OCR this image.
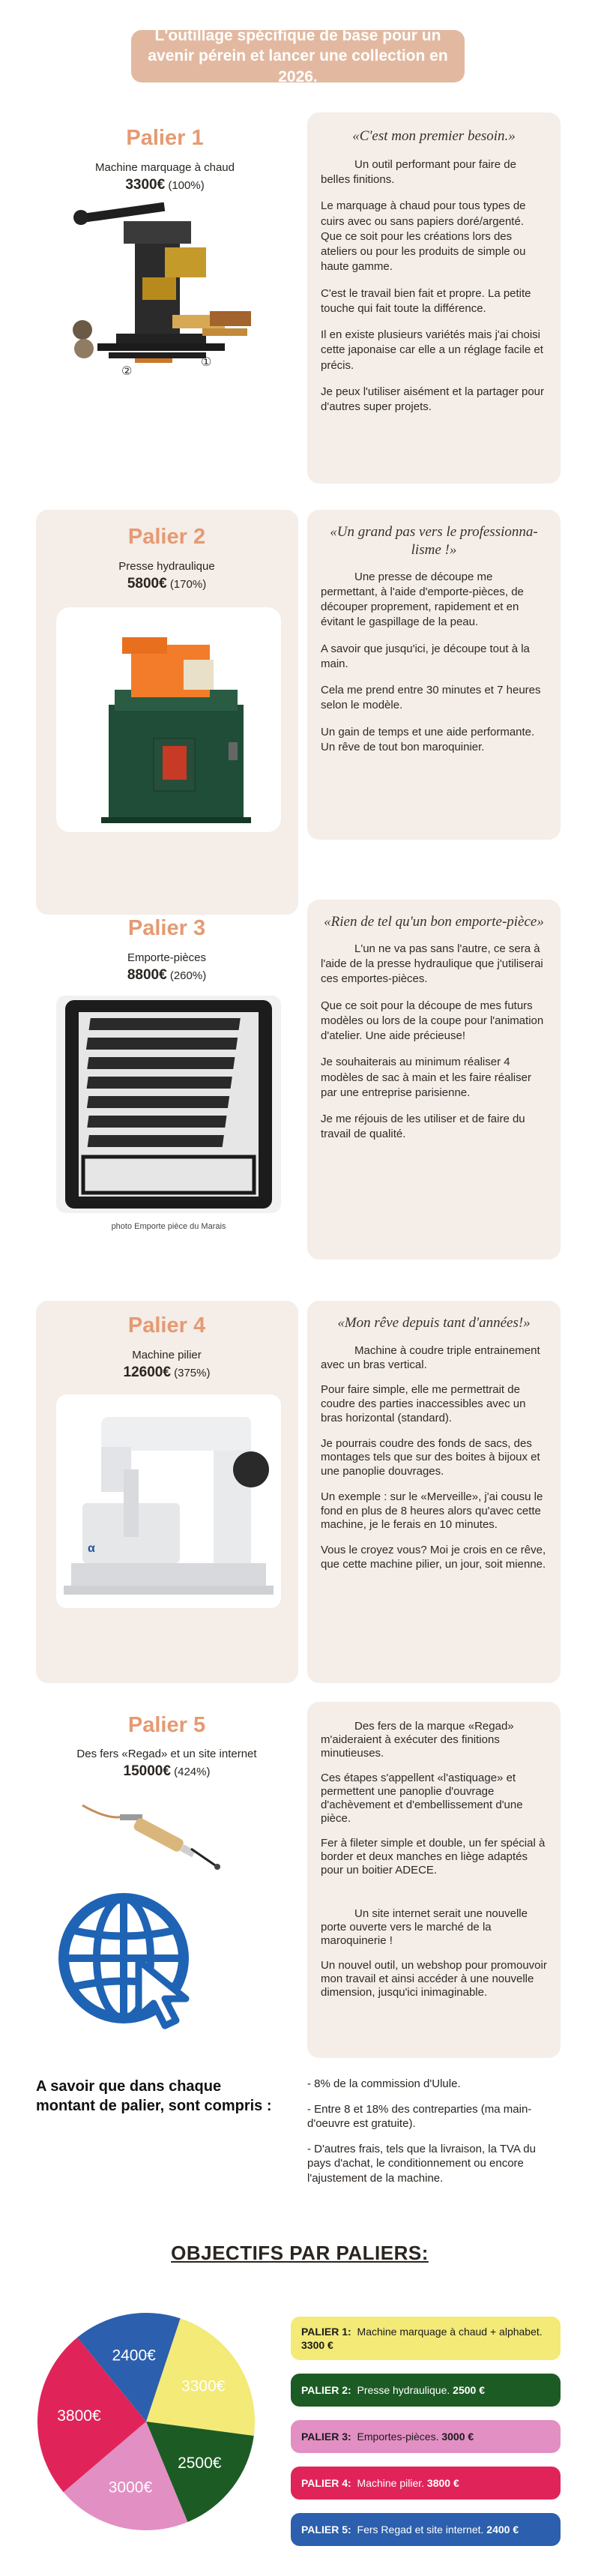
L'outillage spécifique de base pour un avenir pérein et lancer une collection en 2026.
Palier 1
Machine marquage à chaud
3300€ (100%)
②
①
«C'est mon premier besoin.»

Un outil performant pour faire de belles finitions.

Le marquage à chaud pour tous types de cuirs avec ou sans papiers doré/argenté. Que ce soit pour les créations lors des ateliers ou pour les produits de simple ou haute gamme.

C'est le travail bien fait et propre. La petite touche qui fait toute la différence.

Il en existe plusieurs variétés mais j'ai choisi cette japonaise car elle a un réglage facile et précis.

Je peux l'utiliser aisément et la partager pour d'autres super projets.

Palier 2
Presse hydraulique
5800€ (170%)
«Un grand pas vers le professionna-lisme !»

Une presse de découpe me permettant, à l'aide d'emporte-pièces, de découper proprement, rapidement et en évitant le gaspillage de la peau.

A savoir que jusqu'ici, je découpe tout à la main.

Cela me prend entre 30 minutes et 7 heures selon le modèle.

Un gain de temps et une aide performante. Un rêve de tout bon maroquinier.

Palier 3
Emporte-pièces
8800€ (260%)
photo Emporte pièce du Marais
«Rien de tel qu'un bon emporte-pièce»

L'un ne va pas sans l'autre, ce sera à l'aide de la presse hydraulique que j'utiliserai ces emportes-pièces.

Que ce soit pour la découpe de mes futurs modèles ou lors de la coupe pour l'animation d'atelier. Une aide précieuse!

Je souhaiterais au minimum réaliser 4 modèles de sac à main et les faire réaliser par une entreprise parisienne.

Je me réjouis de les utiliser et de faire du travail de qualité.

Palier 4
Machine pilier
12600€ (375%)
α
«Mon rêve depuis tant d'années!»

Machine à coudre triple entrainement avec un bras vertical.

Pour faire simple, elle me permettrait de coudre des parties inaccessibles avec un bras horizontal (standard).

Je pourrais coudre des fonds de sacs, des montages tels que sur des boites à bijoux et une panoplie douvrages.

Un exemple : sur le «Merveille», j'ai cousu le fond en plus de 8 heures alors qu'avec cette machine, je le ferais en 10 minutes.

Vous le croyez vous? Moi je crois en ce rêve, que cette machine pilier, un jour, soit mienne.

Palier 5
Des fers «Regad» et un site internet
15000€ (424%)

Des fers de la marque «Regad» m'aideraient à exécuter des finitions minutieuses.

Ces étapes s'appellent «l'astiquage» et permettent une panoplie d'ouvrage d'achèvement et d'embellissement d'une pièce.

Fer à fileter simple et double, un fer spécial à border et deux manches en liège adaptés pour un boitier ADECE.

Un site internet serait une nouvelle porte ouverte vers le marché de la maroquinerie !

Un nouvel outil, un webshop pour promouvoir mon travail et ainsi accéder à une nouvelle dimension, jusqu'ici inimaginable.

A savoir que dans chaque montant de palier, sont compris :

- 8% de la commission d'Ulule.

- Entre 8 et 18% des contreparties (ma main-d'oeuvre est gratuite).

- D'autres frais, tels que la livraison, la TVA du pays d'achat, le conditionnement ou encore l'ajustement de la machine.

OBJECTIFS PAR PALIERS:
3300€
2500€
3000€
3800€
2400€
PALIER 1: Machine marquage à chaud + alphabet. 3300 €
PALIER 2: Presse hydraulique. 2500 €
PALIER 3: Emportes-pièces. 3000 €
PALIER 4: Machine pilier. 3800 €
PALIER 5: Fers Regad et site internet. 2400 €
